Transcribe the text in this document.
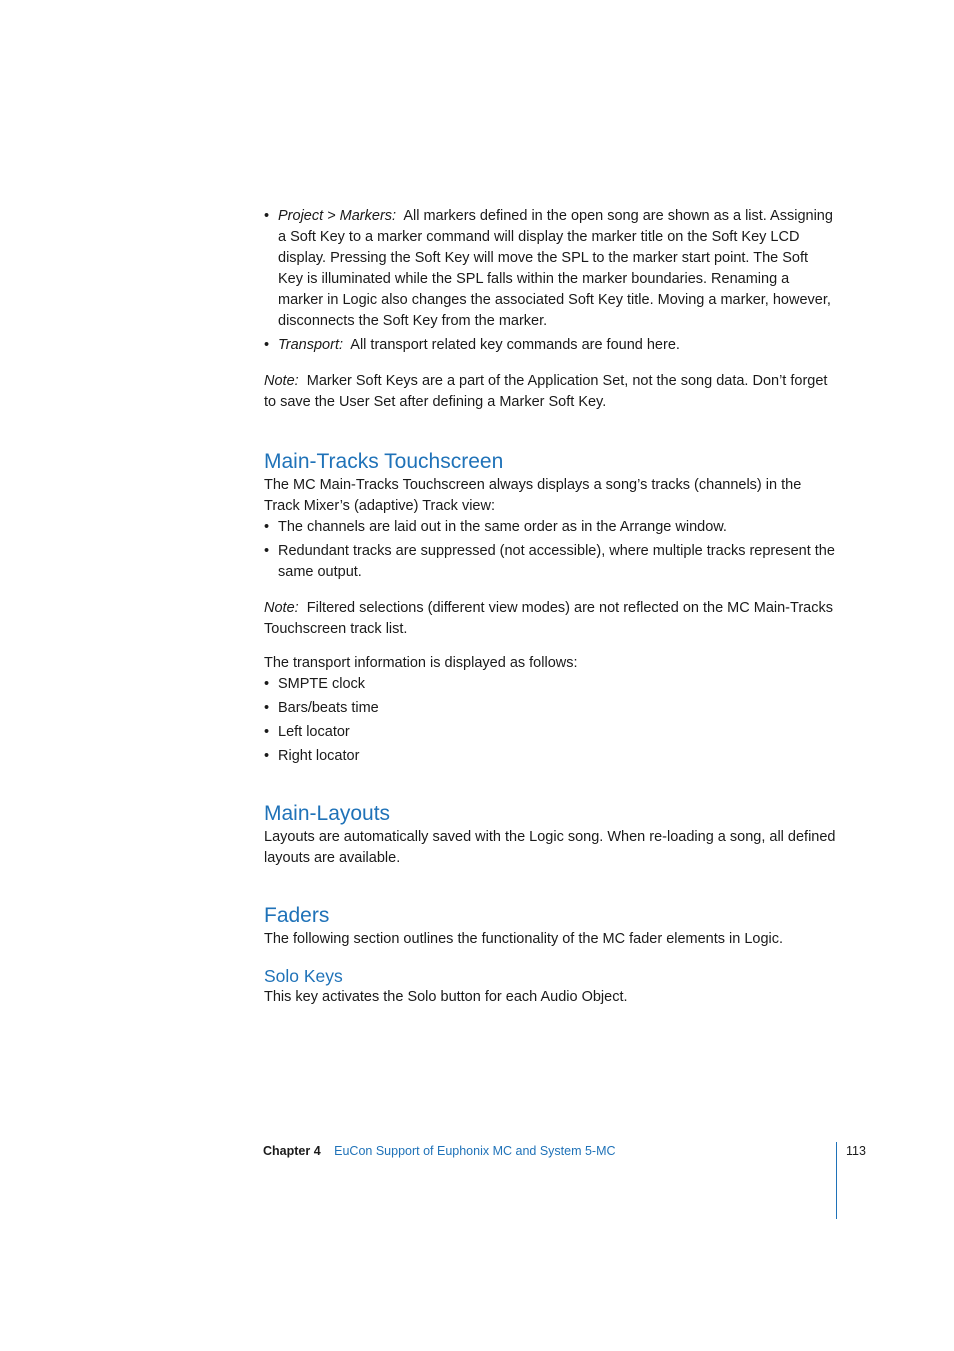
• Project > Markers: All markers defined in the open song are shown as a list. Assigning a Soft Key to a marker command will display the marker title on the Soft Key LCD display. Pressing the Soft Key will move the SPL to the marker start point. The Soft Key is illuminated while the SPL falls within the marker boundaries. Renaming a marker in Logic also changes the associated Soft Key title. Moving a marker, however, disconnects the Soft Key from the marker.
• Transport: All transport related key commands are found here.

Note: Marker Soft Keys are a part of the Application Set, not the song data. Don’t forget to save the User Set after defining a Marker Soft Key.

Main-Tracks Touchscreen

The MC Main-Tracks Touchscreen always displays a song’s tracks (channels) in the Track Mixer’s (adaptive) Track view:

• The channels are laid out in the same order as in the Arrange window.
• Redundant tracks are suppressed (not accessible), where multiple tracks represent the same output.

Note: Filtered selections (different view modes) are not reflected on the MC Main-Tracks Touchscreen track list.

The transport information is displayed as follows:

• SMPTE clock
• Bars/beats time
• Left locator
• Right locator
Main-Layouts

Layouts are automatically saved with the Logic song. When re-loading a song, all defined layouts are available.

Faders

The following section outlines the functionality of the MC fader elements in Logic.

Solo Keys

This key activates the Solo button for each Audio Object.

Chapter 4 EuCon Support of Euphonix MC and System 5-MC	113
